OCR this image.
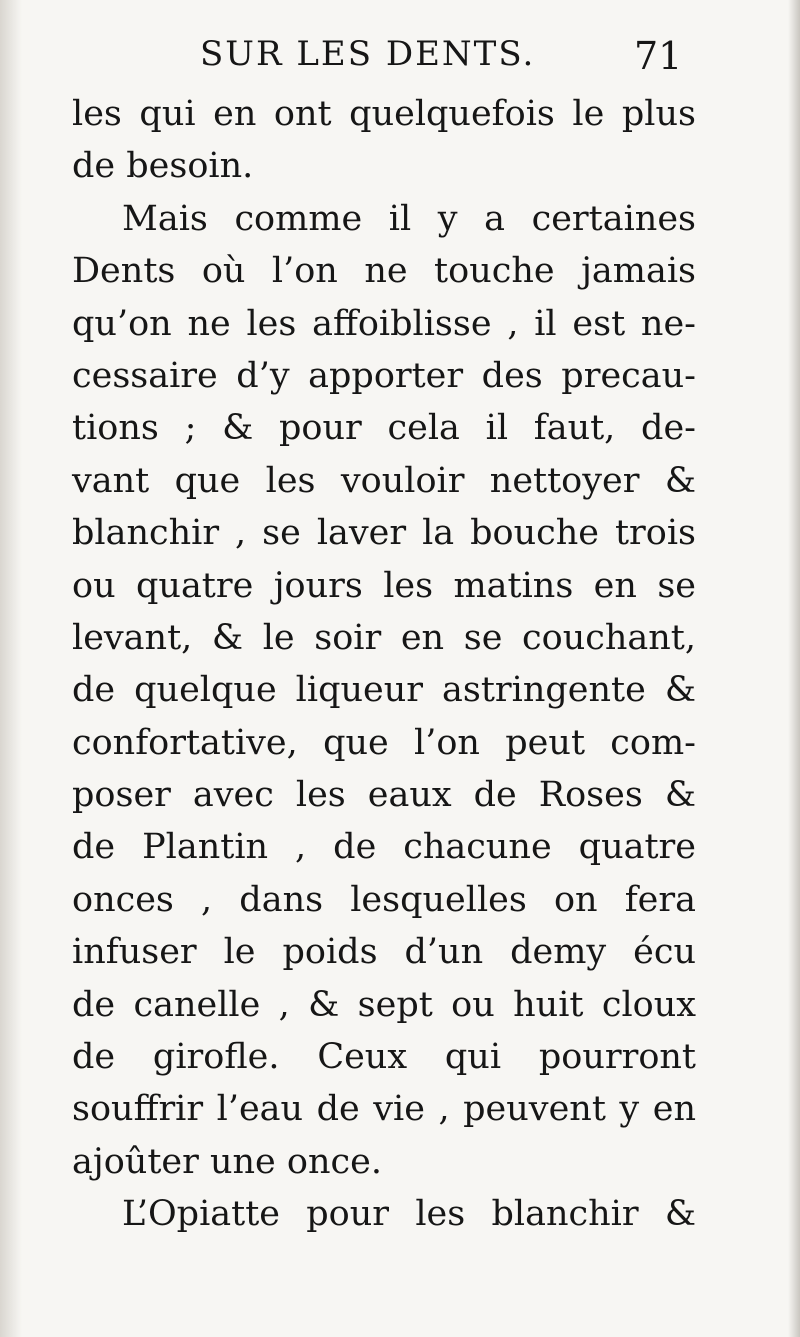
SUR LES DENTS.	71
les qui en ont quelquefois le plus
de besoin.
Mais comme il y a certaines
Dents où l’on ne touche jamais
qu’on ne les affoiblisse , il est ne-
cessaire d’y apporter des precau-
tions ; & pour cela il faut, de-
vant que les vouloir nettoyer &
blanchir , se laver la bouche trois
ou quatre jours les matins en se
levant, & le soir en se couchant,
de quelque liqueur astringente &
confortative, que l’on peut com-
poser avec les eaux de Roses &
de Plantin , de chacune quatre
onces , dans lesquelles on fera
infuser le poids d’un demy écu
de canelle , & sept ou huit cloux
de girofle. Ceux qui pourront
souffrir l’eau de vie , peuvent y en
ajoûter une once.
L’Opiatte pour les blanchir &
